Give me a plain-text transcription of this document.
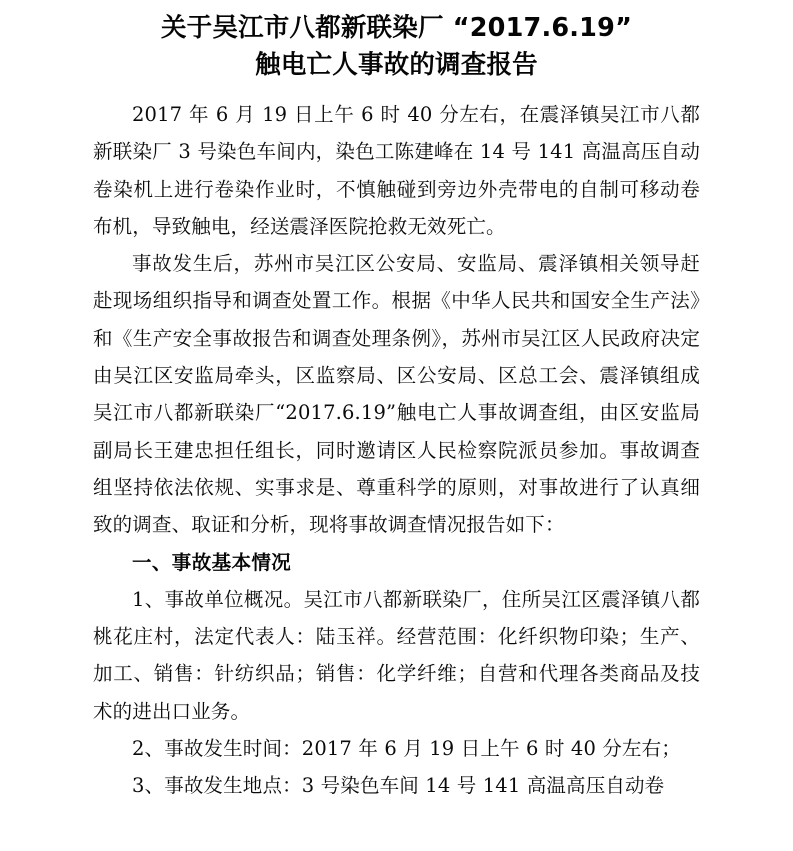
关于吴江市八都新联染厂 “2017.6.19”
触电亡人事故的调查报告

2017 年 6 月 19 日上午 6 时 40 分左右，在震泽镇吴江市八都新联染厂 3 号染色车间内，染色工陈建峰在 14 号 141 高温高压自动卷染机上进行卷染作业时，不慎触碰到旁边外壳带电的自制可移动卷布机，导致触电，经送震泽医院抢救无效死亡。

事故发生后，苏州市吴江区公安局、安监局、震泽镇相关领导赶赴现场组织指导和调查处置工作。根据《中华人民共和国安全生产法》和《生产安全事故报告和调查处理条例》，苏州市吴江区人民政府决定由吴江区安监局牵头，区监察局、区公安局、区总工会、震泽镇组成吴江市八都新联染厂“2017.6.19”触电亡人事故调查组，由区安监局副局长王建忠担任组长，同时邀请区人民检察院派员参加。事故调查组坚持依法依规、实事求是、尊重科学的原则，对事故进行了认真细致的调查、取证和分析，现将事故调查情况报告如下：

一、事故基本情况

1、事故单位概况。吴江市八都新联染厂，住所吴江区震泽镇八都桃花庄村，法定代表人：陆玉祥。经营范围：化纤织物印染；生产、加工、销售：针纺织品；销售：化学纤维；自营和代理各类商品及技术的进出口业务。

2、事故发生时间：2017 年 6 月 19 日上午 6 时 40 分左右；

3、事故发生地点：3 号染色车间 14 号 141 高温高压自动卷
